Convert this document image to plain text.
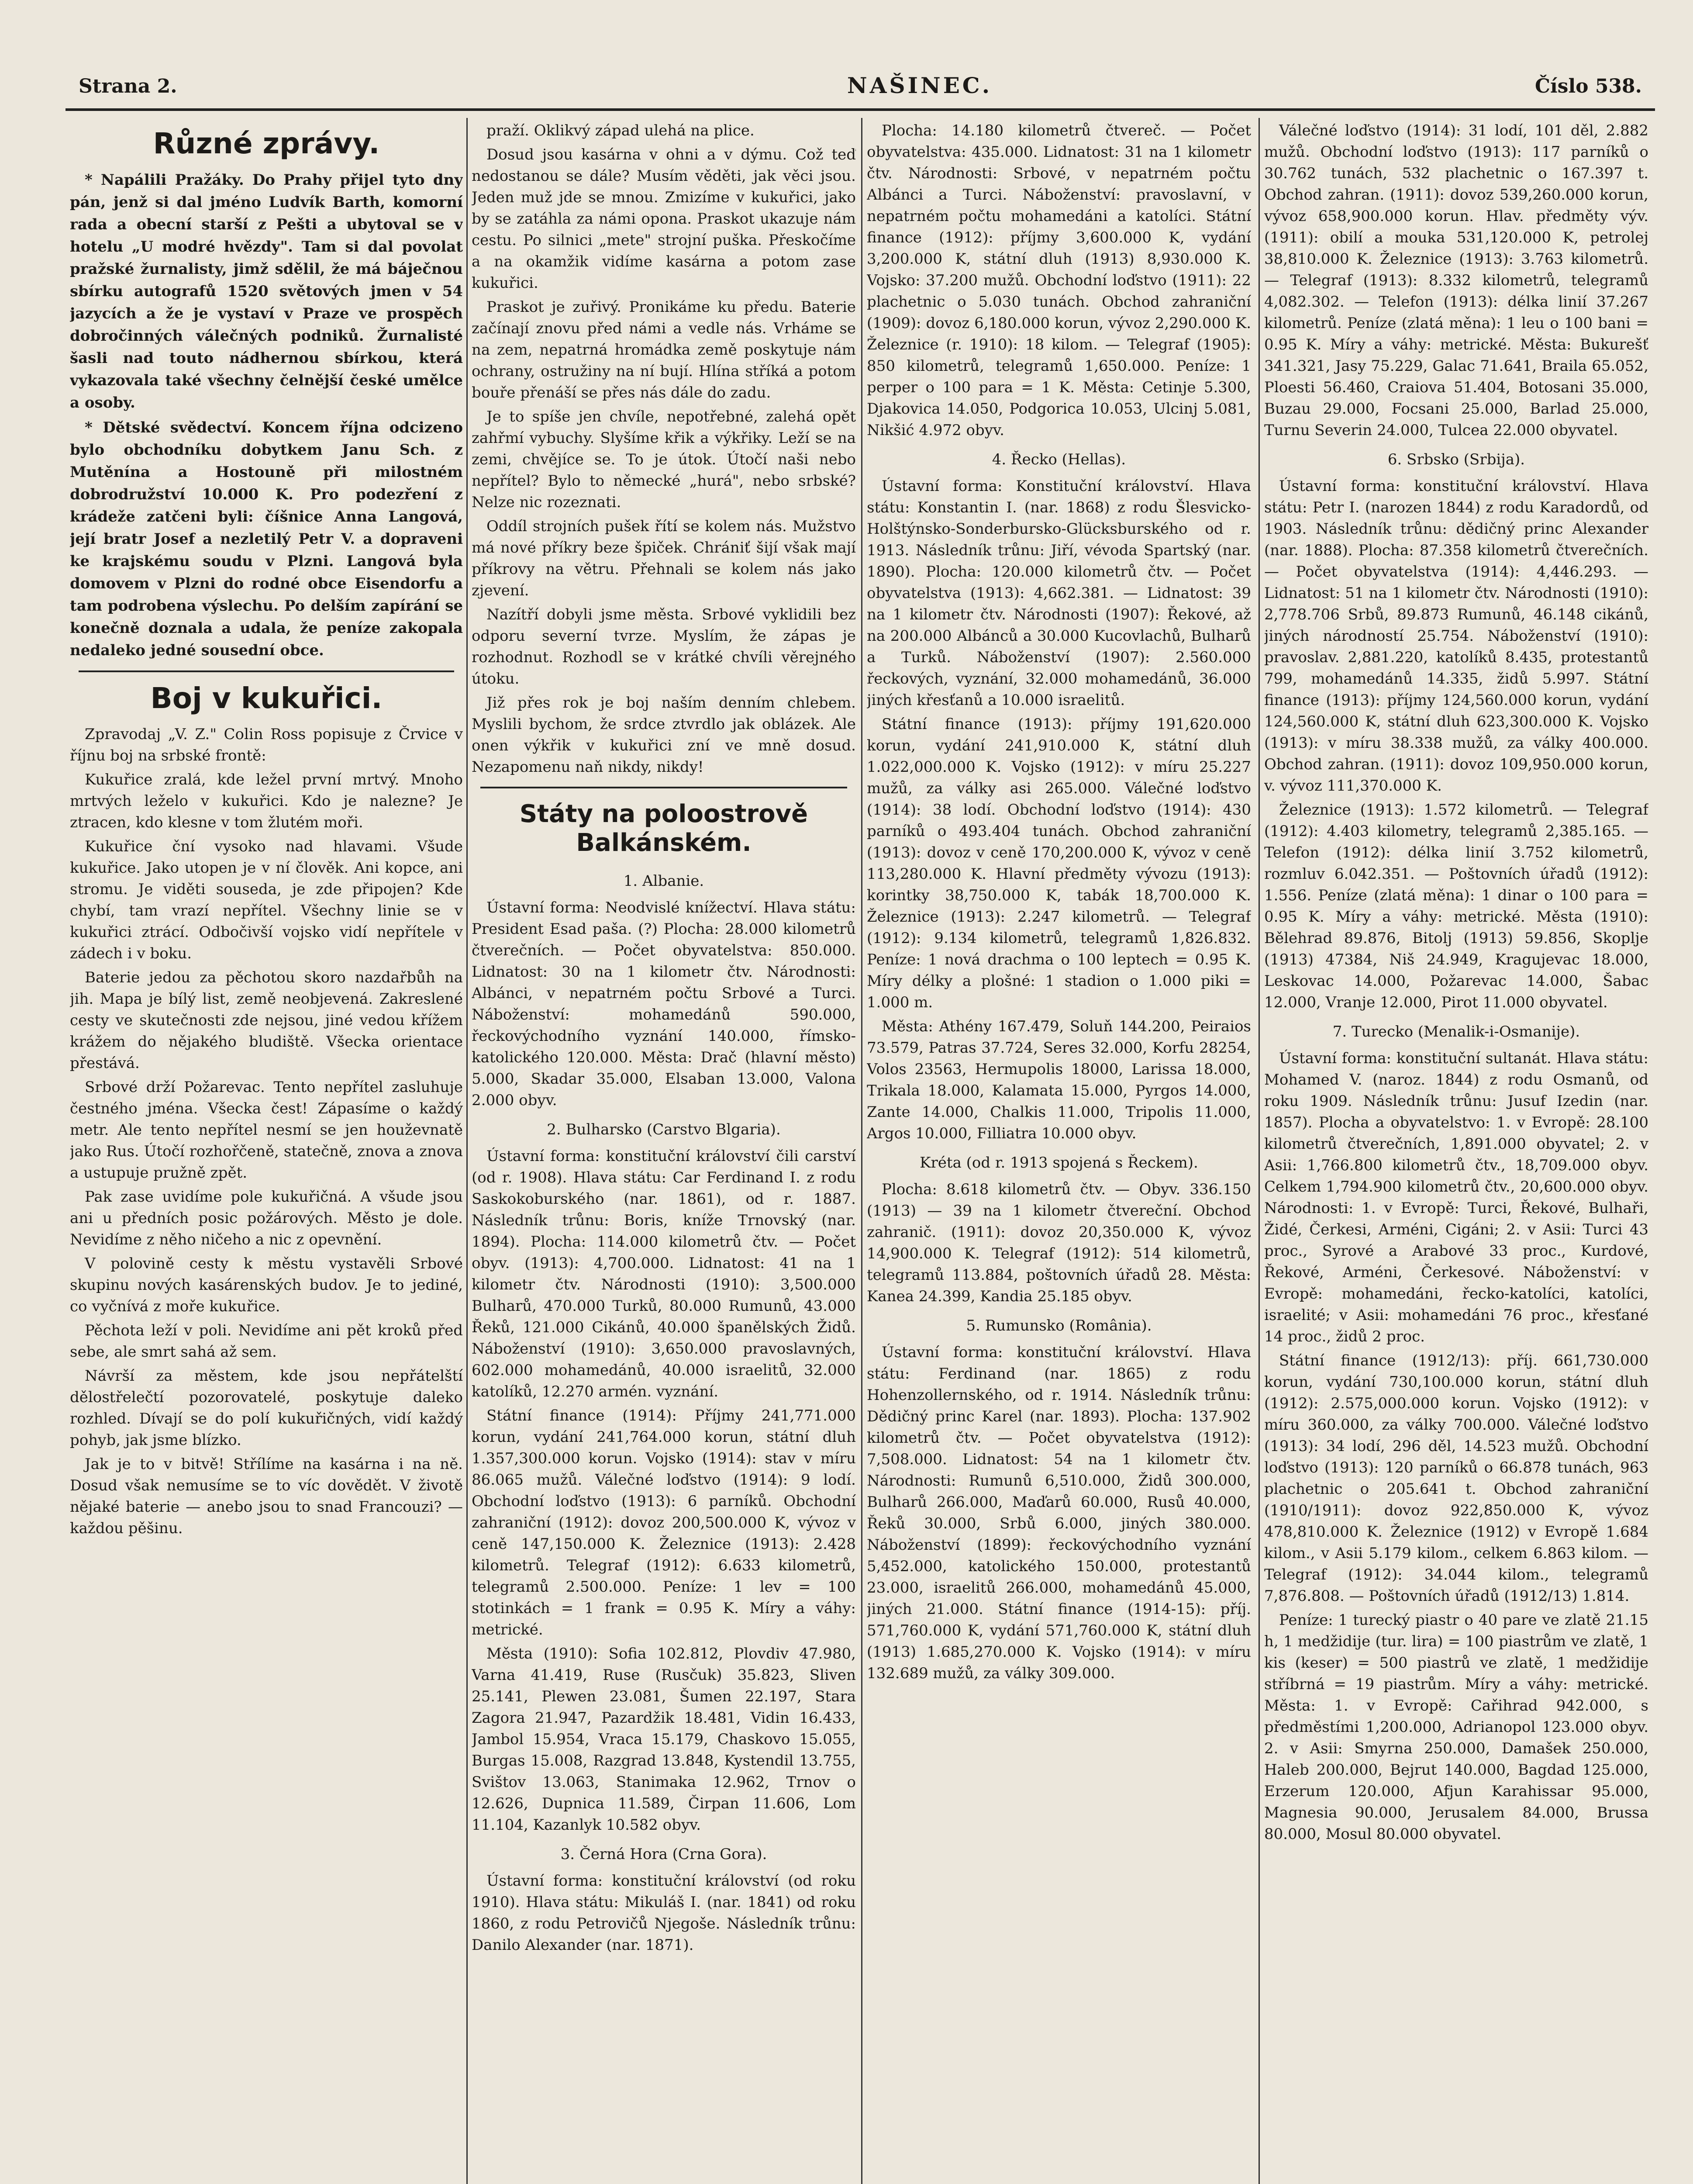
Strana 2.	NAŠINEC.	Číslo 538.
Různé zprávy.

* Napálili Pražáky. Do Prahy přijel tyto dny pán, jenž si dal jméno Ludvík Barth, komorní rada a obecní starší z Pešti a ubytoval se v hotelu „U modré hvězdy". Tam si dal povolat pražské žurnalisty, jimž sdělil, že má báječnou sbírku autografů 1520 světových jmen v 54 jazycích a že je vystaví v Praze ve prospěch dobročinných válečných podniků. Žurnalisté šasli nad touto nádhernou sbírkou, která vykazovala také všechny čelnější české umělce a osoby.

* Dětské svědectví. Koncem října odcizeno bylo obchodníku dobytkem Janu Sch. z Mutěnína a Hostouně při milostném dobrodružství 10.000 K. Pro podezření z krádeže zatčeni byli: číšnice Anna Langová, její bratr Josef a nezletilý Petr V. a dopraveni ke krajskému soudu v Plzni. Langová byla domovem v Plzni do rodné obce Eisendorfu a tam podrobena výslechu. Po delším zapírání se konečně doznala a udala, že peníze zakopala nedaleko jedné sousední obce.

Boj v kukuřici.

Zpravodaj „V. Z." Colin Ross popisuje z Črvice v říjnu boj na srbské frontě:

Kukuřice zralá, kde ležel první mrtvý. Mnoho mrtvých leželo v kukuřici. Kdo je nalezne? Je ztracen, kdo klesne v tom žlutém moři.

Kukuřice ční vysoko nad hlavami. Všude kukuřice. Jako utopen je v ní člověk. Ani kopce, ani stromu. Je viděti souseda, je zde připojen? Kde chybí, tam vrazí nepřítel. Všechny linie se v kukuřici ztrácí. Odbočivší vojsko vidí nepřítele v zádech i v boku.

Baterie jedou za pěchotou skoro nazdařbůh na jih. Mapa je bílý list, země neobjevená. Zakreslené cesty ve skutečnosti zde nejsou, jiné vedou křížem krážem do nějakého bludiště. Všecka orientace přestává.

Srbové drží Požarevac. Tento nepřítel zasluhuje čestného jména. Všecka čest! Zápasíme o každý metr. Ale tento nepřítel nesmí se jen houževnatě jako Rus. Útočí rozhořčeně, statečně, znova a znova a ustupuje pružně zpět.

Pak zase uvidíme pole kukuřičná. A všude jsou ani u předních posic požárových. Město je dole. Nevidíme z něho ničeho a nic z opevnění.

V polovině cesty k městu vystavěli Srbové skupinu nových kasárenských budov. Je to jediné, co vyčnívá z moře kukuřice.

Pěchota leží v poli. Nevidíme ani pět kroků před sebe, ale smrt sahá až sem.

Návrší za městem, kde jsou nepřátelští dělostřelečtí pozorovatelé, poskytuje daleko rozhled. Dívají se do polí kukuřičných, vidí každý pohyb, jak jsme blízko.

Jak je to v bitvě! Střílíme na kasárna i na ně. Dosud však nemusíme se to víc dovědět. V životě nějaké baterie — anebo jsou to snad Francouzi? — každou pěšinu.

praží. Oklikvý západ ulehá na plice.

Dosud jsou kasárna v ohni a v dýmu. Což teď nedostanou se dále? Musím věděti, jak věci jsou. Jeden muž jde se mnou. Zmizíme v kukuřici, jako by se zatáhla za námi opona. Praskot ukazuje nám cestu. Po silnici „mete" strojní puška. Přeskočíme a na okamžik vidíme kasárna a potom zase kukuřici.

Praskot je zuřivý. Pronikáme ku předu. Baterie začínají znovu před námi a vedle nás. Vrháme se na zem, nepatrná hromádka země poskytuje nám ochrany, ostružiny na ní bují. Hlína stříká a potom bouře přenáší se přes nás dále do zadu.

Je to spíše jen chvíle, nepotřebné, zalehá opět zahřmí vybuchy. Slyšíme křik a výkřiky. Leží se na zemi, chvějíce se. To je útok. Útočí naši nebo nepřítel? Bylo to německé „hurá", nebo srbské? Nelze nic rozeznati.

Oddíl strojních pušek řítí se kolem nás. Mužstvo má nové příkry beze špiček. Chrániť šijí však mají příkrovy na větru. Přehnali se kolem nás jako zjevení.

Nazítří dobyli jsme města. Srbové vyklidili bez odporu severní tvrze. Myslím, že zápas je rozhodnut. Rozhodl se v krátké chvíli věrejného útoku.

Již přes rok je boj naším denním chlebem. Myslili bychom, že srdce ztvrdlo jak oblázek. Ale onen výkřik v kukuřici zní ve mně dosud. Nezapomenu naň nikdy, nikdy!

Státy na poloostrově Balkánském.
1. Albanie.

Ústavní forma: Neodvislé knížectví. Hlava státu: President Esad paša. (?) Plocha: 28.000 kilometrů čtverečních. — Počet obyvatelstva: 850.000. Lidnatost: 30 na 1 kilometr čtv. Národnosti: Albánci, v nepatrném počtu Srbové a Turci. Náboženství: mohamedánů 590.000, řeckovýchodního vyznání 140.000, římsko-katolického 120.000. Města: Drač (hlavní město) 5.000, Skadar 35.000, Elsaban 13.000, Valona 2.000 obyv.

2. Bulharsko (Carstvo Blgaria).

Ústavní forma: konstituční království čili carství (od r. 1908). Hlava státu: Car Ferdinand I. z rodu Saskokoburského (nar. 1861), od r. 1887. Následník trůnu: Boris, kníže Trnovský (nar. 1894). Plocha: 114.000 kilometrů čtv. — Počet obyv. (1913): 4,700.000. Lidnatost: 41 na 1 kilometr čtv. Národnosti (1910): 3,500.000 Bulharů, 470.000 Turků, 80.000 Rumunů, 43.000 Řeků, 121.000 Cikánů, 40.000 španělských Židů. Náboženství (1910): 3,650.000 pravoslavných, 602.000 mohamedánů, 40.000 israelitů, 32.000 katolíků, 12.270 armén. vyznání.

Státní finance (1914): Příjmy 241,771.000 korun, vydání 241,764.000 korun, státní dluh 1.357,300.000 korun. Vojsko (1914): stav v míru 86.065 mužů. Válečné loďstvo (1914): 9 lodí. Obchodní loďstvo (1913): 6 parníků. Obchodní zahraniční (1912): dovoz 200,500.000 K, vývoz v ceně 147,150.000 K. Železnice (1913): 2.428 kilometrů. Telegraf (1912): 6.633 kilometrů, telegramů 2.500.000. Peníze: 1 lev = 100 stotinkách = 1 frank = 0.95 K. Míry a váhy: metrické.

Města (1910): Sofia 102.812, Plovdiv 47.980, Varna 41.419, Ruse (Rusčuk) 35.823, Sliven 25.141, Plewen 23.081, Šumen 22.197, Stara Zagora 21.947, Pazardžik 18.481, Vidin 16.433, Jambol 15.954, Vraca 15.179, Chaskovo 15.055, Burgas 15.008, Razgrad 13.848, Kystendil 13.755, Svištov 13.063, Stanimaka 12.962, Trnov o 12.626, Dupnica 11.589, Čirpan 11.606, Lom 11.104, Kazanlyk 10.582 obyv.

3. Černá Hora (Crna Gora).

Ústavní forma: konstituční království (od roku 1910). Hlava státu: Mikuláš I. (nar. 1841) od roku 1860, z rodu Petrovičů Njegoše. Následník trůnu: Danilo Alexander (nar. 1871).

Plocha: 14.180 kilometrů čtvereč. — Počet obyvatelstva: 435.000. Lidnatost: 31 na 1 kilometr čtv. Národnosti: Srbové, v nepatrném počtu Albánci a Turci. Náboženství: pravoslavní, v nepatrném počtu mohamedáni a katolíci. Státní finance (1912): příjmy 3,600.000 K, vydání 3,200.000 K, státní dluh (1913) 8,930.000 K. Vojsko: 37.200 mužů. Obchodní loďstvo (1911): 22 plachetnic o 5.030 tunách. Obchod zahraniční (1909): dovoz 6,180.000 korun, vývoz 2,290.000 K. Železnice (r. 1910): 18 kilom. — Telegraf (1905): 850 kilometrů, telegramů 1,650.000. Peníze: 1 perper o 100 para = 1 K. Města: Cetinje 5.300, Djakovica 14.050, Podgorica 10.053, Ulcinj 5.081, Nikšić 4.972 obyv.

4. Řecko (Hellas).

Ústavní forma: Konstituční království. Hlava státu: Konstantin I. (nar. 1868) z rodu Šlesvicko-Holštýnsko-Sonderbursko-Glücksburského od r. 1913. Následník trůnu: Jiří, vévoda Spartský (nar. 1890). Plocha: 120.000 kilometrů čtv. — Počet obyvatelstva (1913): 4,662.381. — Lidnatost: 39 na 1 kilometr čtv. Národnosti (1907): Řekové, až na 200.000 Albánců a 30.000 Kucovlachů, Bulharů a Turků. Náboženství (1907): 2.560.000 řeckových, vyznání, 32.000 mohamedánů, 36.000 jiných křesťanů a 10.000 israelitů.

Státní finance (1913): příjmy 191,620.000 korun, vydání 241,910.000 K, státní dluh 1.022,000.000 K. Vojsko (1912): v míru 25.227 mužů, za války asi 265.000. Válečné loďstvo (1914): 38 lodí. Obchodní loďstvo (1914): 430 parníků o 493.404 tunách. Obchod zahraniční (1913): dovoz v ceně 170,200.000 K, vývoz v ceně 113,280.000 K. Hlavní předměty vývozu (1913): korintky 38,750.000 K, tabák 18,700.000 K. Železnice (1913): 2.247 kilometrů. — Telegraf (1912): 9.134 kilometrů, telegramů 1,826.832. Peníze: 1 nová drachma o 100 leptech = 0.95 K. Míry délky a plošné: 1 stadion o 1.000 piki = 1.000 m.

Města: Athény 167.479, Soluň 144.200, Peiraios 73.579, Patras 37.724, Seres 32.000, Korfu 28254, Volos 23563, Hermupolis 18000, Larissa 18.000, Trikala 18.000, Kalamata 15.000, Pyrgos 14.000, Zante 14.000, Chalkis 11.000, Tripolis 11.000, Argos 10.000, Filliatra 10.000 obyv.

Kréta (od r. 1913 spojená s Řeckem).

Plocha: 8.618 kilometrů čtv. — Obyv. 336.150 (1913) — 39 na 1 kilometr čtvereční. Obchod zahranič. (1911): dovoz 20,350.000 K, vývoz 14,900.000 K. Telegraf (1912): 514 kilometrů, telegramů 113.884, poštovních úřadů 28. Města: Kanea 24.399, Kandia 25.185 obyv.

5. Rumunsko (România).

Ústavní forma: konstituční království. Hlava státu: Ferdinand (nar. 1865) z rodu Hohenzollernského, od r. 1914. Následník trůnu: Dědičný princ Karel (nar. 1893). Plocha: 137.902 kilometrů čtv. — Počet obyvatelstva (1912): 7,508.000. Lidnatost: 54 na 1 kilometr čtv. Národnosti: Rumunů 6,510.000, Židů 300.000, Bulharů 266.000, Maďarů 60.000, Rusů 40.000, Řeků 30.000, Srbů 6.000, jiných 380.000. Náboženství (1899): řeckovýchodního vyznání 5,452.000, katolického 150.000, protestantů 23.000, israelitů 266.000, mohamedánů 45.000, jiných 21.000. Státní finance (1914-15): příj. 571,760.000 K, vydání 571,760.000 K, státní dluh (1913) 1.685,270.000 K. Vojsko (1914): v míru 132.689 mužů, za války 309.000.

Válečné loďstvo (1914): 31 lodí, 101 děl, 2.882 mužů. Obchodní loďstvo (1913): 117 parníků o 30.762 tunách, 532 plachetnic o 167.397 t. Obchod zahran. (1911): dovoz 539,260.000 korun, vývoz 658,900.000 korun. Hlav. předměty výv. (1911): obilí a mouka 531,120.000 K, petrolej 38,810.000 K. Železnice (1913): 3.763 kilometrů. — Telegraf (1913): 8.332 kilometrů, telegramů 4,082.302. — Telefon (1913): délka linií 37.267 kilometrů. Peníze (zlatá měna): 1 leu o 100 bani = 0.95 K. Míry a váhy: metrické. Města: Bukurešť 341.321, Jasy 75.229, Galac 71.641, Braila 65.052, Ploesti 56.460, Craiova 51.404, Botosani 35.000, Buzau 29.000, Focsani 25.000, Barlad 25.000, Turnu Severin 24.000, Tulcea 22.000 obyvatel.

6. Srbsko (Srbija).

Ústavní forma: konstituční království. Hlava státu: Petr I. (narozen 1844) z rodu Karadordů, od 1903. Následník trůnu: dědičný princ Alexander (nar. 1888). Plocha: 87.358 kilometrů čtverečních. — Počet obyvatelstva (1914): 4,446.293. — Lidnatost: 51 na 1 kilometr čtv. Národnosti (1910): 2,778.706 Srbů, 89.873 Rumunů, 46.148 cikánů, jiných národností 25.754. Náboženství (1910): pravoslav. 2,881.220, katolíků 8.435, protestantů 799, mohamedánů 14.335, židů 5.997. Státní finance (1913): příjmy 124,560.000 korun, vydání 124,560.000 K, státní dluh 623,300.000 K. Vojsko (1913): v míru 38.338 mužů, za války 400.000. Obchod zahran. (1911): dovoz 109,950.000 korun, v. vývoz 111,370.000 K.

Železnice (1913): 1.572 kilometrů. — Telegraf (1912): 4.403 kilometry, telegramů 2,385.165. — Telefon (1912): délka linií 3.752 kilometrů, rozmluv 6.042.351. — Poštovních úřadů (1912): 1.556. Peníze (zlatá měna): 1 dinar o 100 para = 0.95 K. Míry a váhy: metrické. Města (1910): Bělehrad 89.876, Bitolj (1913) 59.856, Skoplje (1913) 47384, Niš 24.949, Kragujevac 18.000, Leskovac 14.000, Požarevac 14.000, Šabac 12.000, Vranje 12.000, Pirot 11.000 obyvatel.

7. Turecko (Menalik-i-Osmanije).

Ústavní forma: konstituční sultanát. Hlava státu: Mohamed V. (naroz. 1844) z rodu Osmanů, od roku 1909. Následník trůnu: Jusuf Izedin (nar. 1857). Plocha a obyvatelstvo: 1. v Evropě: 28.100 kilometrů čtverečních, 1,891.000 obyvatel; 2. v Asii: 1,766.800 kilometrů čtv., 18,709.000 obyv. Celkem 1,794.900 kilometrů čtv., 20,600.000 obyv. Národnosti: 1. v Evropě: Turci, Řekové, Bulhaři, Židé, Čerkesi, Arméni, Cigáni; 2. v Asii: Turci 43 proc., Syrové a Arabové 33 proc., Kurdové, Řekové, Arméni, Čerkesové. Náboženství: v Evropě: mohamedáni, řecko-katolíci, katolíci, israelité; v Asii: mohamedáni 76 proc., křesťané 14 proc., židů 2 proc.

Státní finance (1912/13): příj. 661,730.000 korun, vydání 730,100.000 korun, státní dluh (1912): 2.575,000.000 korun. Vojsko (1912): v míru 360.000, za války 700.000. Válečné loďstvo (1913): 34 lodí, 296 děl, 14.523 mužů. Obchodní loďstvo (1913): 120 parníků o 66.878 tunách, 963 plachetnic o 205.641 t. Obchod zahraniční (1910/1911): dovoz 922,850.000 K, vývoz 478,810.000 K. Železnice (1912) v Evropě 1.684 kilom., v Asii 5.179 kilom., celkem 6.863 kilom. — Telegraf (1912): 34.044 kilom., telegramů 7,876.808. — Poštovních úřadů (1912/13) 1.814.

Peníze: 1 turecký piastr o 40 pare ve zlatě 21.15 h, 1 medžidije (tur. lira) = 100 piastrům ve zlatě, 1 kis (keser) = 500 piastrů ve zlatě, 1 medžidije stříbrná = 19 piastrům. Míry a váhy: metrické. Města: 1. v Evropě: Cařihrad 942.000, s předměstími 1,200.000, Adrianopol 123.000 obyv. 2. v Asii: Smyrna 250.000, Damašek 250.000, Haleb 200.000, Bejrut 140.000, Bagdad 125.000, Erzerum 120.000, Afjun Karahissar 95.000, Magnesia 90.000, Jerusalem 84.000, Brussa 80.000, Mosul 80.000 obyvatel.
